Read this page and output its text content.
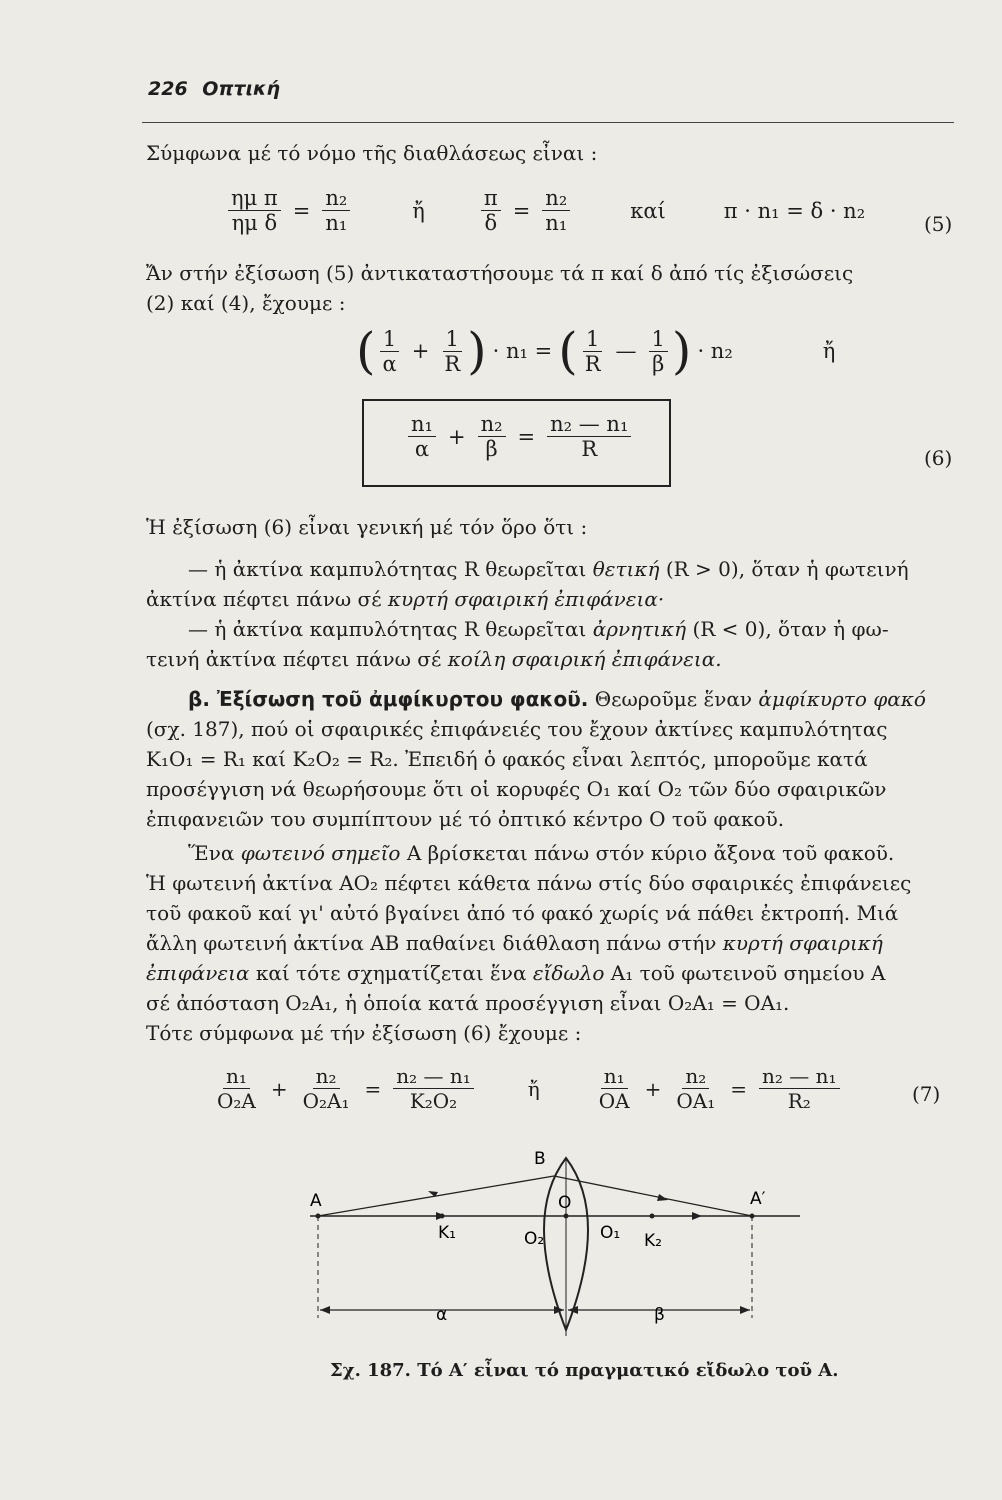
226 Οπτική
Σύμφωνα μέ τό νόμο τῆς διαθλάσεως εἶναι :
$\frac{\text{ημ π}}{\text{ημ δ}} = \frac{\text{n₂}}{\text{n₁}}$	ἤ	$\frac{\pi}{\delta} = \frac{\text{n₂}}{\text{n₁}}$	καί	π · n₁ = δ · n₂
(5)
Ἄν στήν ἐξίσωση (5) ἀντικαταστήσουμε τά π καί δ ἀπό τίς ἐξισώσεις
(2) καί (4), ἔχουμε :
( $\frac{1}{\alpha} + \frac{1}{R}$ ) · n₁ = ( $\frac{1}{R}$ — $\frac{1}{\beta}$ ) · n₂	ἤ
$\frac{\text{n₁}}{\alpha} + \frac{\text{n₂}}{\beta} = \frac{\text{n₂ — n₁}}{R}$	(6)
Ἡ ἐξίσωση (6) εἶναι γενική μέ τόν ὅρο ὅτι :
— ἡ ἀκτίνα καμπυλότητας R θεωρεῖται θετική (R > 0), ὅταν ἡ φωτεινή
ἀκτίνα πέφτει πάνω σέ κυρτή σφαιρική ἐπιφάνεια·
— ἡ ἀκτίνα καμπυλότητας R θεωρεῖται ἀρνητική (R < 0), ὅταν ἡ φω-
τεινή ἀκτίνα πέφτει πάνω σέ κοίλη σφαιρική ἐπιφάνεια.
β. Ἐξίσωση τοῦ ἀμφίκυρτου φακοῦ. Θεωροῦμε ἕναν ἀμφίκυρτο φακό
(σχ. 187), πού οἱ σφαιρικές ἐπιφάνειές του ἔχουν ἀκτίνες καμπυλότητας
K₁O₁ = R₁ καί K₂O₂ = R₂. Ἐπειδή ὁ φακός εἶναι λεπτός, μποροῦμε κατά
προσέγγιση νά θεωρήσουμε ὅτι οἱ κορυφές O₁ καί O₂ τῶν δύο σφαιρικῶν
ἐπιφανειῶν του συμπίπτουν μέ τό ὀπτικό κέντρο O τοῦ φακοῦ.
Ἕνα φωτεινό σημεῖο A βρίσκεται πάνω στόν κύριο ἄξονα τοῦ φακοῦ.
Ἡ φωτεινή ἀκτίνα AO₂ πέφτει κάθετα πάνω στίς δύο σφαιρικές ἐπιφάνειες
τοῦ φακοῦ καί γι' αὐτό βγαίνει ἀπό τό φακό χωρίς νά πάθει ἐκτροπή. Μιά
ἄλλη φωτεινή ἀκτίνα AB παθαίνει διάθλαση πάνω στήν κυρτή σφαιρική
ἐπιφάνεια καί τότε σχηματίζεται ἕνα εἴδωλο A₁ τοῦ φωτεινοῦ σημείου A
σέ ἀπόσταση O₂A₁, ἡ ὁποία κατά προσέγγιση εἶναι O₂A₁ = OA₁.
Τότε σύμφωνα μέ τήν ἐξίσωση (6) ἔχουμε :
$\frac{\text{n₁}}{\text{O₂A}} + \frac{\text{n₂}}{\text{O₂A₁}} = \frac{\text{n₂ — n₁}}{\text{K₂O₂}}$	ἤ	$\frac{\text{n₁}}{OA} + \frac{\text{n₂}}{\text{OA₁}} = \frac{\text{n₂ — n₁}}{\text{R₂}}$	(7)
A
B
O	A′
K₁	O₂	O₁ K₂
α	β
Σχ. 187. Τό A′ εἶναι τό πραγματικό εἴδωλο τοῦ A.
